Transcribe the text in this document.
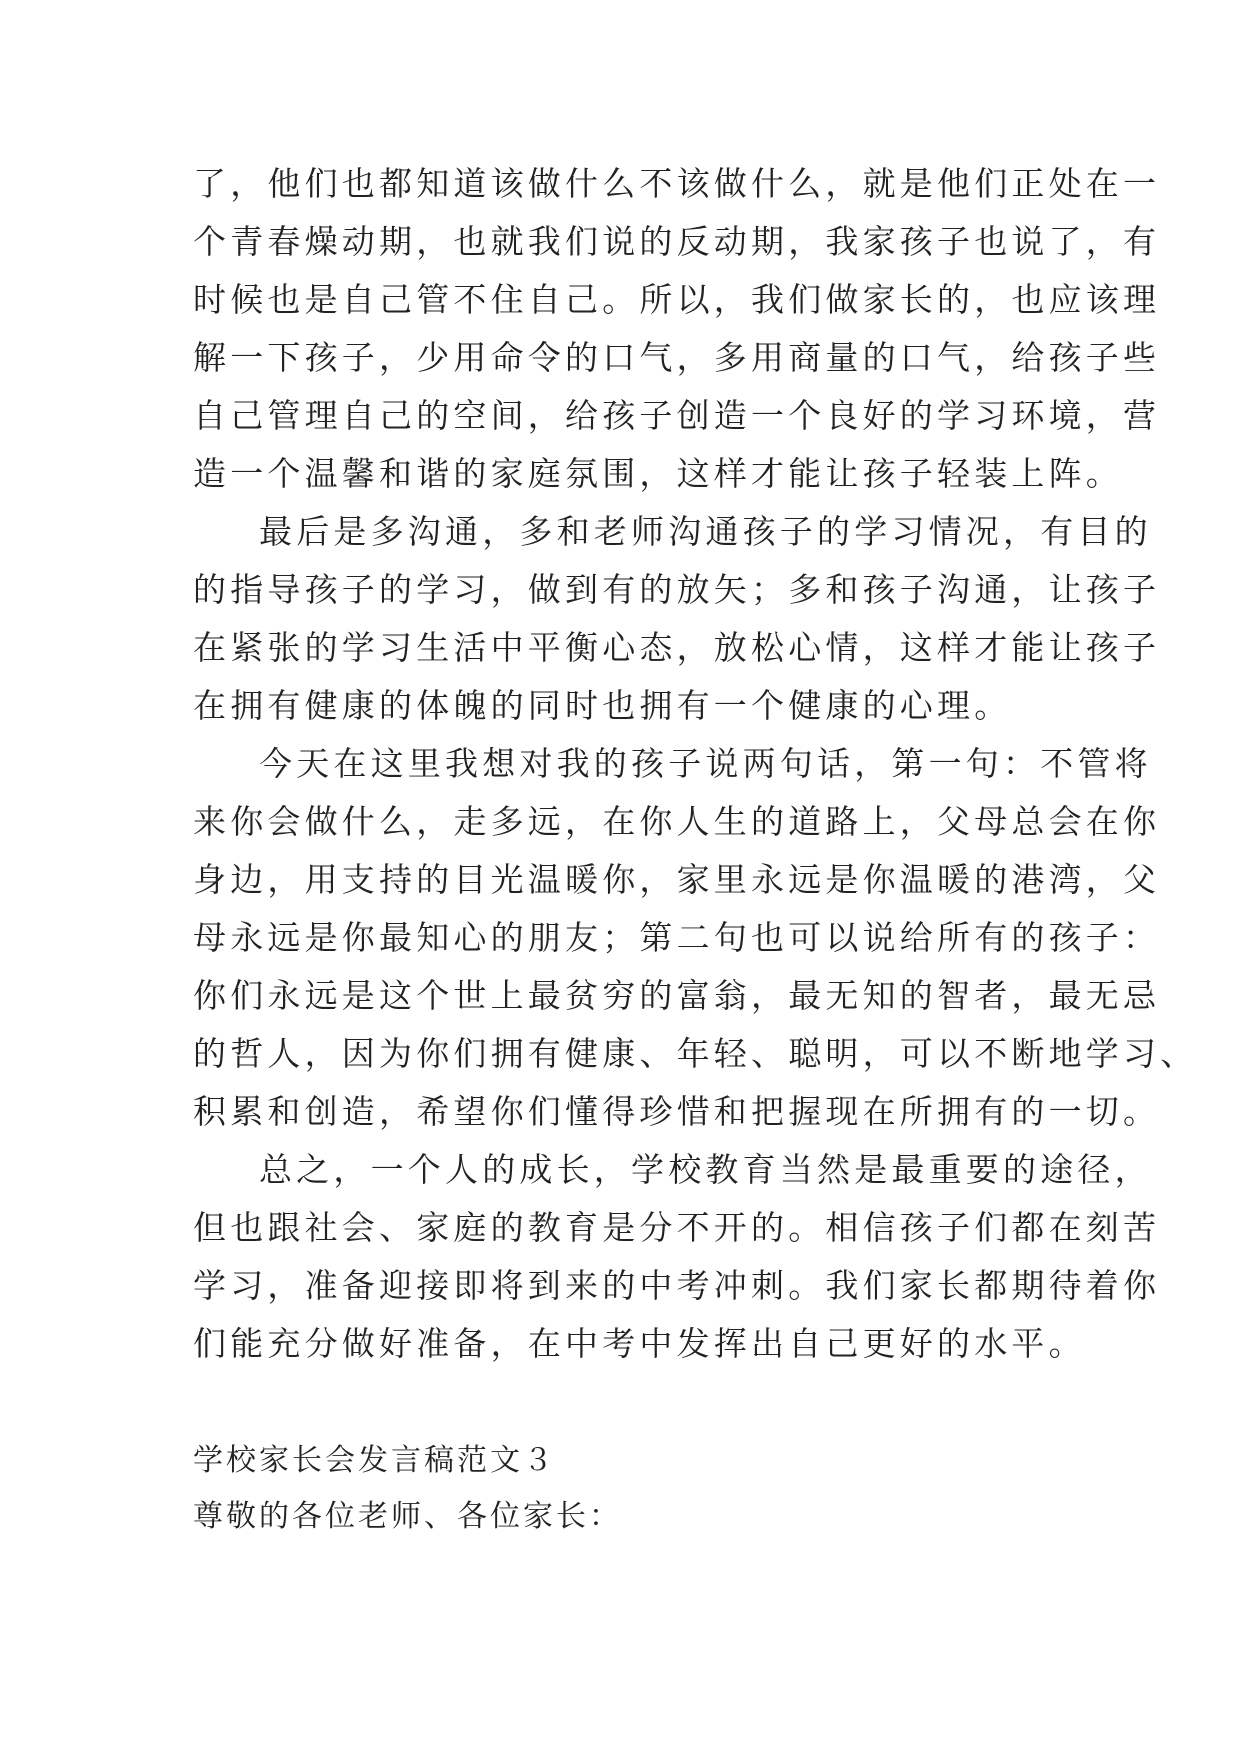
了，他们也都知道该做什么不该做什么，就是他们正处在一
个青春燥动期，也就我们说的反动期，我家孩子也说了，有
时候也是自己管不住自己。所以，我们做家长的，也应该理
解一下孩子，少用命令的口气，多用商量的口气，给孩子些
自己管理自己的空间，给孩子创造一个良好的学习环境，营
造一个温馨和谐的家庭氛围，这样才能让孩子轻装上阵。
最后是多沟通，多和老师沟通孩子的学习情况，有目的
的指导孩子的学习，做到有的放矢；多和孩子沟通，让孩子
在紧张的学习生活中平衡心态，放松心情，这样才能让孩子
在拥有健康的体魄的同时也拥有一个健康的心理。
今天在这里我想对我的孩子说两句话，第一句：不管将
来你会做什么，走多远，在你人生的道路上，父母总会在你
身边，用支持的目光温暖你，家里永远是你温暖的港湾，父
母永远是你最知心的朋友；第二句也可以说给所有的孩子：
你们永远是这个世上最贫穷的富翁，最无知的智者，最无忌
的哲人，因为你们拥有健康、年轻、聪明，可以不断地学习、
积累和创造，希望你们懂得珍惜和把握现在所拥有的一切。
总之，一个人的成长，学校教育当然是最重要的途径，
但也跟社会、家庭的教育是分不开的。相信孩子们都在刻苦
学习，准备迎接即将到来的中考冲刺。我们家长都期待着你
们能充分做好准备，在中考中发挥出自己更好的水平。
学校家长会发言稿范文３
尊敬的各位老师、各位家长：
